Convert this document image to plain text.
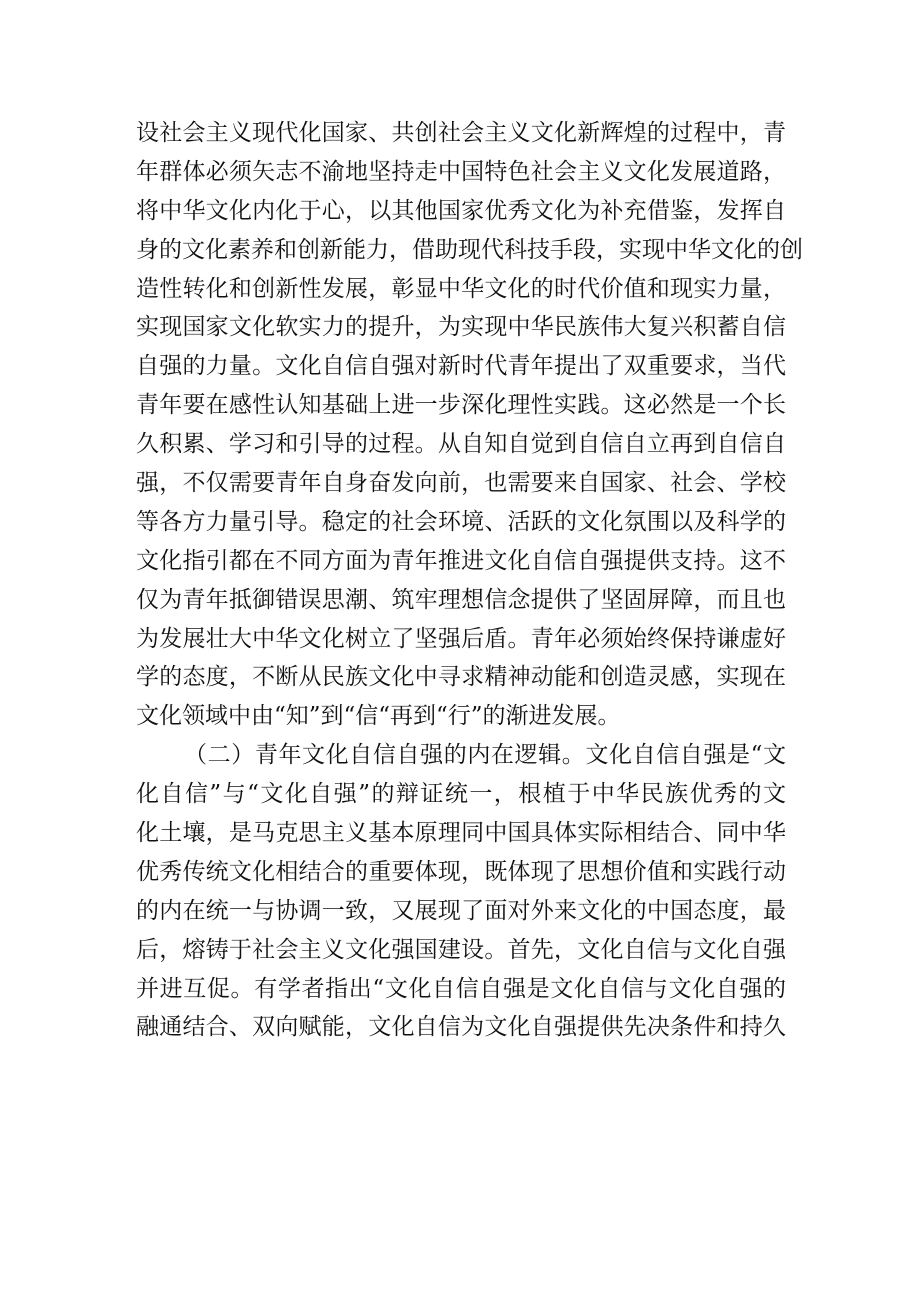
设社会主义现代化国家、共创社会主义文化新辉煌的过程中，青
年群体必须矢志不渝地坚持走中国特色社会主义文化发展道路，
将中华文化内化于心，以其他国家优秀文化为补充借鉴，发挥自
身的文化素养和创新能力，借助现代科技手段，实现中华文化的创
造性转化和创新性发展，彰显中华文化的时代价值和现实力量，
实现国家文化软实力的提升，为实现中华民族伟大复兴积蓄自信
自强的力量。文化自信自强对新时代青年提出了双重要求，当代
青年要在感性认知基础上进一步深化理性实践。这必然是一个长
久积累、学习和引导的过程。从自知自觉到自信自立再到自信自
强，不仅需要青年自身奋发向前，也需要来自国家、社会、学校
等各方力量引导。稳定的社会环境、活跃的文化氛围以及科学的
文化指引都在不同方面为青年推进文化自信自强提供支持。这不
仅为青年抵御错误思潮、筑牢理想信念提供了坚固屏障，而且也
为发展壮大中华文化树立了坚强后盾。青年必须始终保持谦虚好
学的态度，不断从民族文化中寻求精神动能和创造灵感，实现在
文化领域中由“知”到“信“再到“行”的渐进发展。
（二）青年文化自信自强的内在逻辑。文化自信自强是“文
化自信”与“文化自强”的辩证统一，根植于中华民族优秀的文
化土壤，是马克思主义基本原理同中国具体实际相结合、同中华
优秀传统文化相结合的重要体现，既体现了思想价值和实践行动
的内在统一与协调一致，又展现了面对外来文化的中国态度，最
后，熔铸于社会主义文化强国建设。首先，文化自信与文化自强
并进互促。有学者指出“文化自信自强是文化自信与文化自强的
融通结合、双向赋能，文化自信为文化自强提供先决条件和持久
